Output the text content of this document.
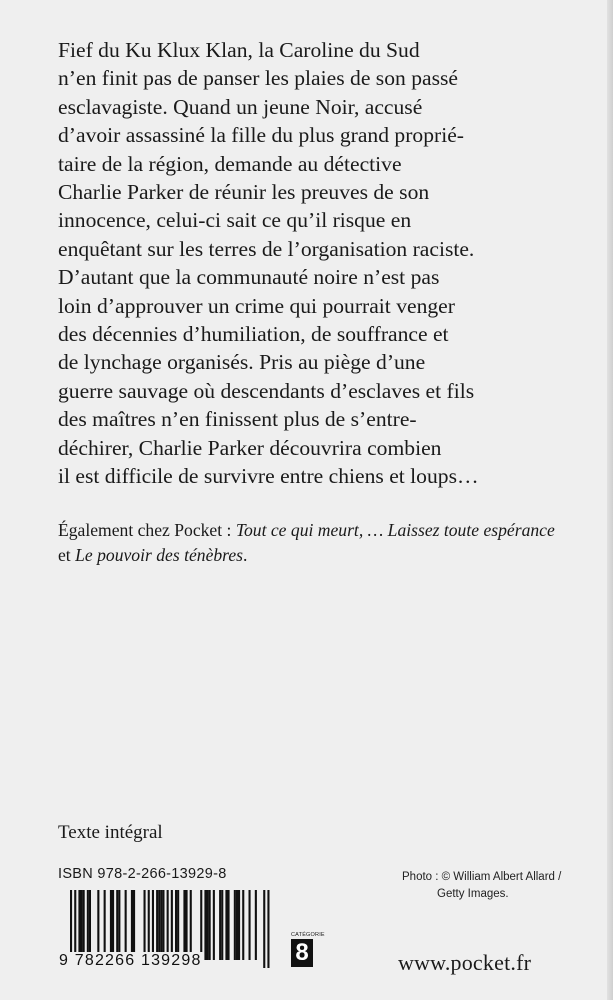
Fief du Ku Klux Klan, la Caroline du Sud

n’en finit pas de panser les plaies de son passé

esclavagiste. Quand un jeune Noir, accusé

d’avoir assassiné la fille du plus grand proprié-

taire de la région, demande au détective

Charlie Parker de réunir les preuves de son

innocence, celui-ci sait ce qu’il risque en

enquêtant sur les terres de l’organisation raciste.

D’autant que la communauté noire n’est pas

loin d’approuver un crime qui pourrait venger

des décennies d’humiliation, de souffrance et

de lynchage organisés. Pris au piège d’une

guerre sauvage où descendants d’esclaves et fils

des maîtres n’en finissent plus de s’entre-

déchirer, Charlie Parker découvrira combien

il est difficile de survivre entre chiens et loups…

Également chez Pocket : Tout ce qui meurt, … Laissez toute espérance et Le pouvoir des ténèbres.
Texte intégral
ISBN 978-2-266-13929-8	Photo : © William Albert Allard /
Getty Images.
9 782266 139298
CATÉGORIE
8	www.pocket.fr
